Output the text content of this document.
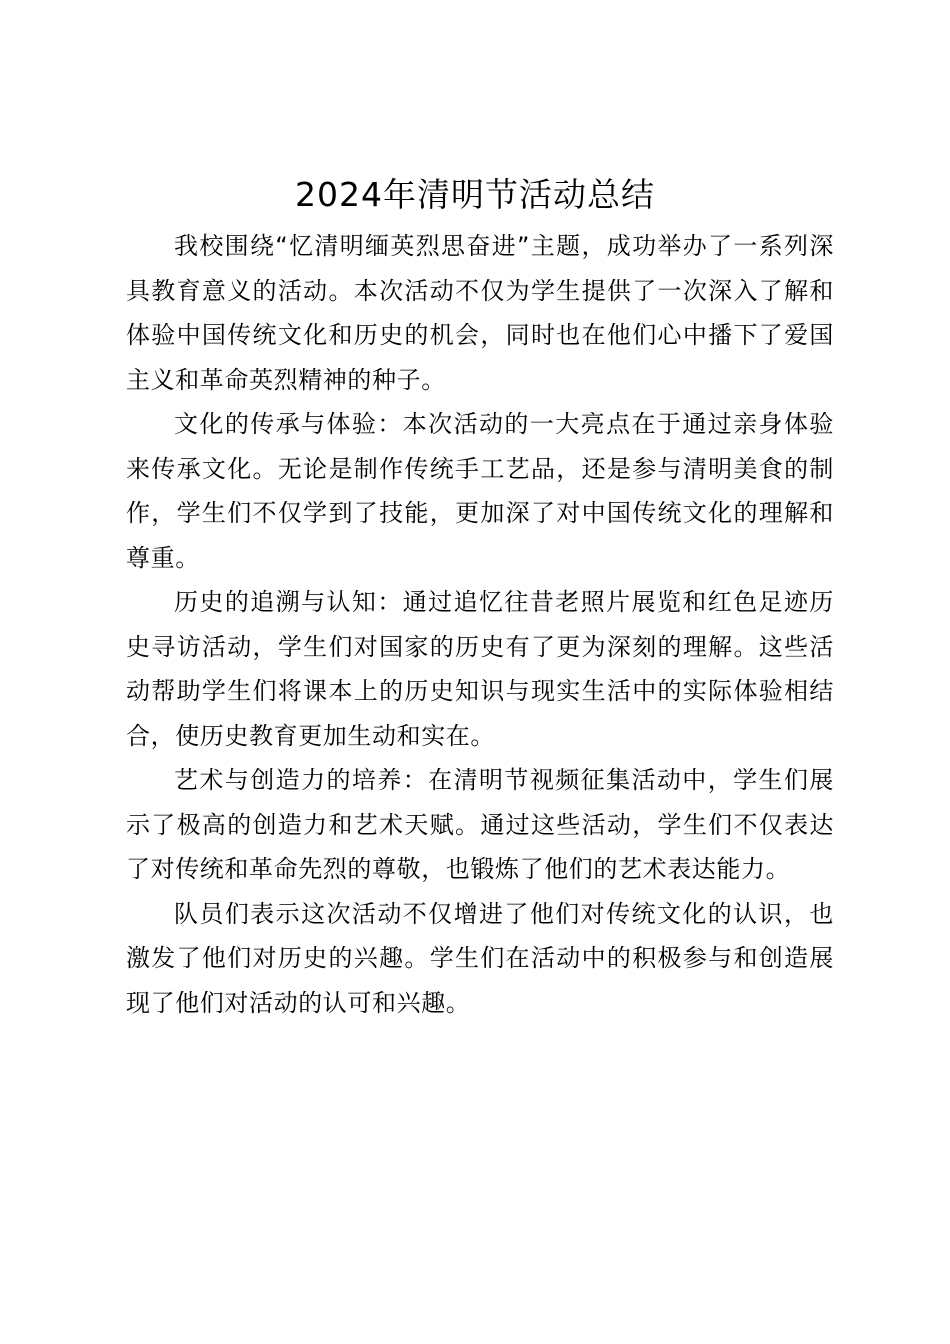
2024年清明节活动总结

我校围绕“忆清明缅英烈思奋进”主题，成功举办了一系列深具教育意义的活动。本次活动不仅为学生提供了一次深入了解和体验中国传统文化和历史的机会，同时也在他们心中播下了爱国主义和革命英烈精神的种子。

文化的传承与体验：本次活动的一大亮点在于通过亲身体验来传承文化。无论是制作传统手工艺品，还是参与清明美食的制作，学生们不仅学到了技能，更加深了对中国传统文化的理解和尊重。

历史的追溯与认知：通过追忆往昔老照片展览和红色足迹历史寻访活动，学生们对国家的历史有了更为深刻的理解。这些活动帮助学生们将课本上的历史知识与现实生活中的实际体验相结合，使历史教育更加生动和实在。

艺术与创造力的培养：在清明节视频征集活动中，学生们展示了极高的创造力和艺术天赋。通过这些活动，学生们不仅表达了对传统和革命先烈的尊敬，也锻炼了他们的艺术表达能力。

队员们表示这次活动不仅增进了他们对传统文化的认识，也激发了他们对历史的兴趣。学生们在活动中的积极参与和创造展现了他们对活动的认可和兴趣。
